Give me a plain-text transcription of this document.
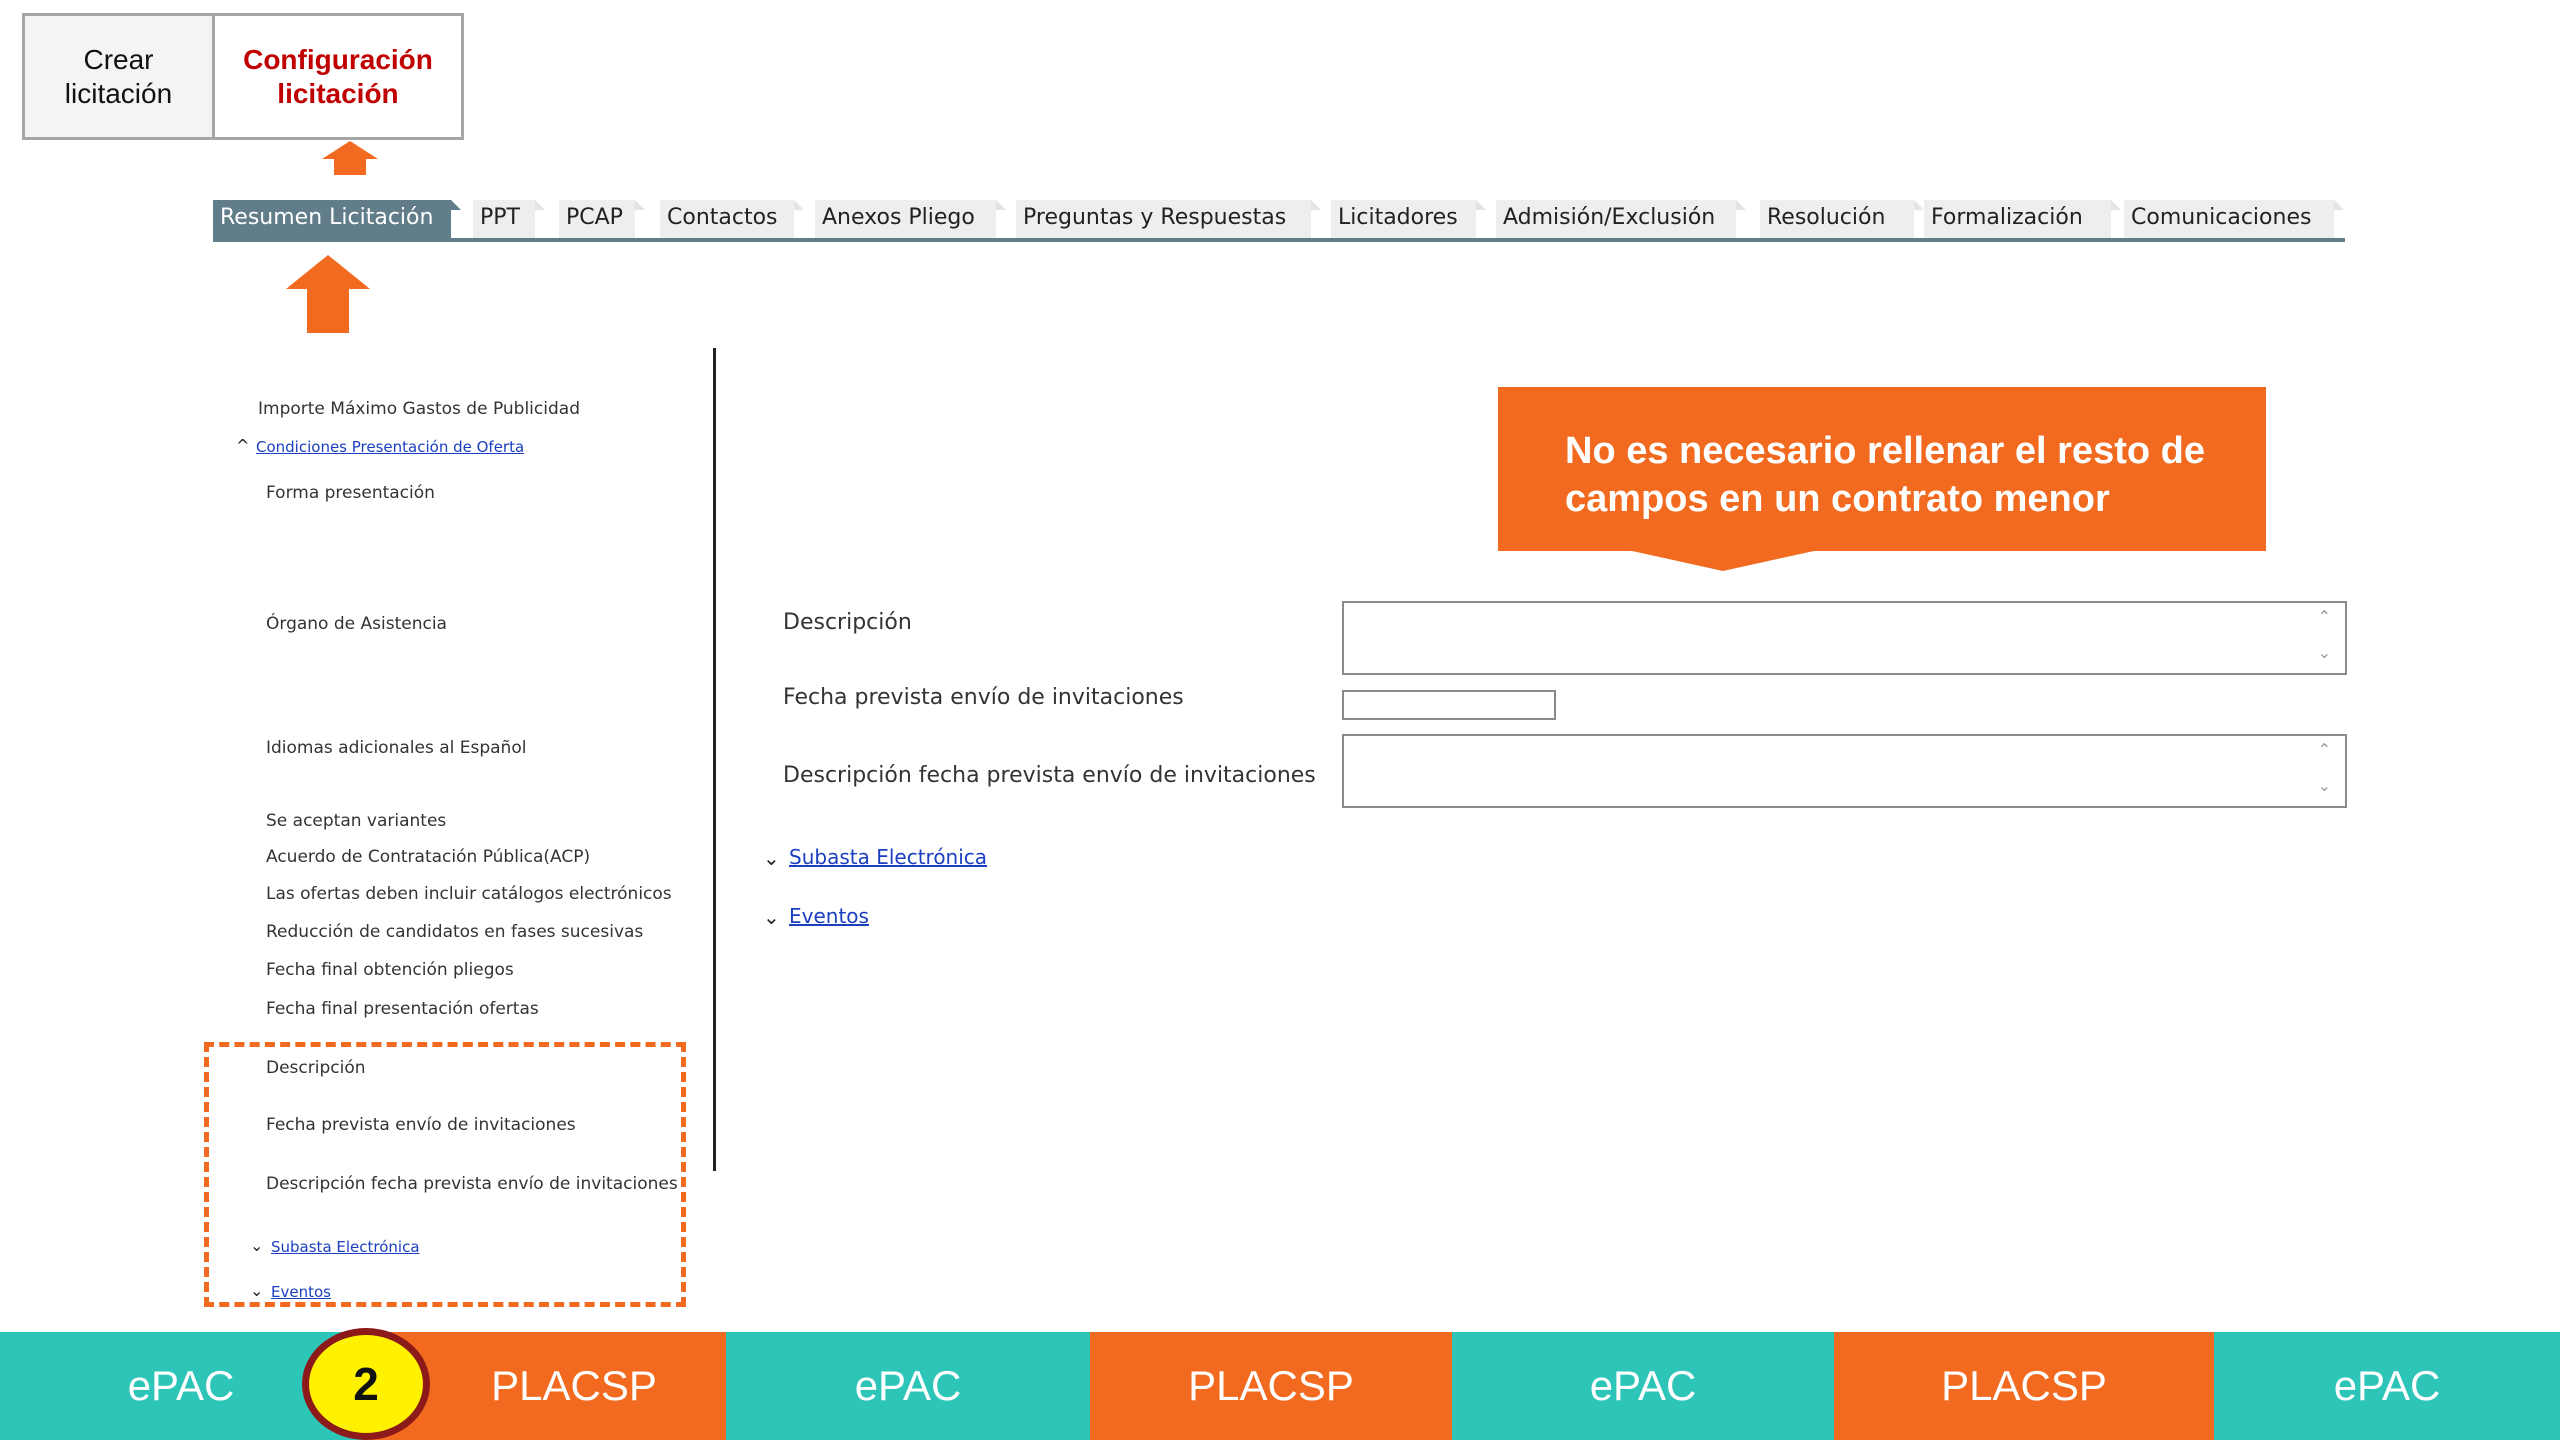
Crear
licitación
Configuración
licitación
Resumen Licitación	PPT	PCAP	Contactos	Anexos Pliego	Preguntas y Respuestas	Licitadores	Admisión/Exclusión	Resolución	Formalización	Comunicaciones
Importe Máximo Gastos de Publicidad
^ Condiciones Presentación de Oferta
Forma presentación
Órgano de Asistencia
Idiomas adicionales al Español
Se aceptan variantes
Acuerdo de Contratación Pública(ACP)
Las ofertas deben incluir catálogos electrónicos
Reducción de candidatos en fases sucesivas
Fecha final obtención pliegos
Fecha final presentación ofertas
Descripción
Fecha prevista envío de invitaciones
Descripción fecha prevista envío de invitaciones
⌄ Subasta Electrónica
⌄ Eventos
No es necesario rellenar el resto de
campos en un contrato menor
Descripción	⌃
⌄
Fecha prevista envío de invitaciones
Descripción fecha prevista envío de invitaciones
⌃
⌄
⌄ Subasta Electrónica
⌄ Eventos
ePAC	PLACSP	ePAC	PLACSP	ePAC	PLACSP	ePAC
2
